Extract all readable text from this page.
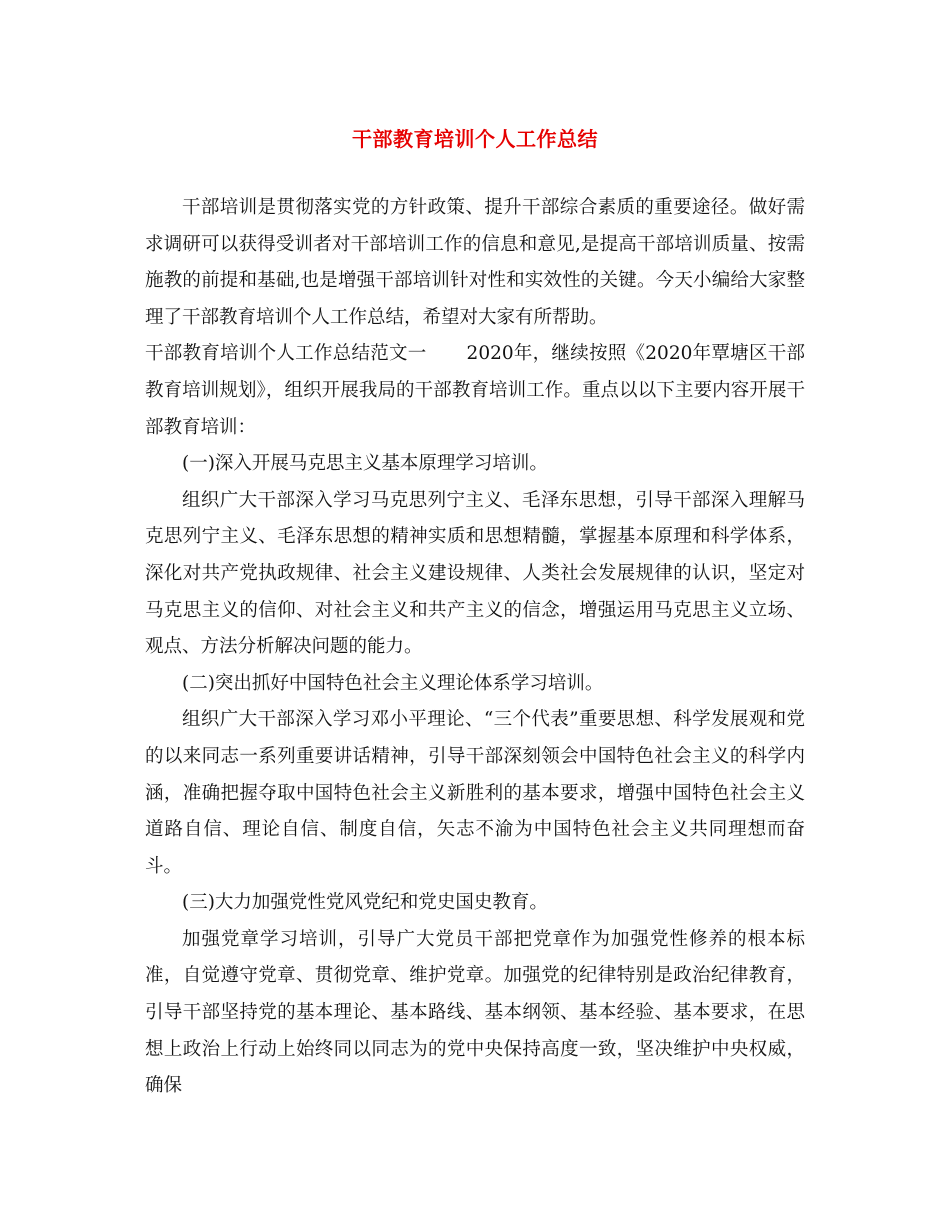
干部教育培训个人工作总结

干部培训是贯彻落实党的方针政策、提升干部综合素质的重要途径。做好需求调研可以获得受训者对干部培训工作的信息和意见,是提高干部培训质量、按需施教的前提和基础,也是增强干部培训针对性和实效性的关键。今天小编给大家整理了干部教育培训个人工作总结，希望对大家有所帮助。

干部教育培训个人工作总结范文一 2020年，继续按照《2020年覃塘区干部教育培训规划》，组织开展我局的干部教育培训工作。重点以以下主要内容开展干部教育培训：

(一)深入开展马克思主义基本原理学习培训。

组织广大干部深入学习马克思列宁主义、毛泽东思想，引导干部深入理解马克思列宁主义、毛泽东思想的精神实质和思想精髓，掌握基本原理和科学体系，深化对共产党执政规律、社会主义建设规律、人类社会发展规律的认识，坚定对马克思主义的信仰、对社会主义和共产主义的信念，增强运用马克思主义立场、观点、方法分析解决问题的能力。

(二)突出抓好中国特色社会主义理论体系学习培训。

组织广大干部深入学习邓小平理论、“三个代表”重要思想、科学发展观和党的以来同志一系列重要讲话精神，引导干部深刻领会中国特色社会主义的科学内涵，准确把握夺取中国特色社会主义新胜利的基本要求，增强中国特色社会主义道路自信、理论自信、制度自信，矢志不渝为中国特色社会主义共同理想而奋斗。

(三)大力加强党性党风党纪和党史国史教育。

加强党章学习培训，引导广大党员干部把党章作为加强党性修养的根本标准，自觉遵守党章、贯彻党章、维护党章。加强党的纪律特别是政治纪律教育，引导干部坚持党的基本理论、基本路线、基本纲领、基本经验、基本要求，在思想上政治上行动上始终同以同志为的党中央保持高度一致，坚决维护中央权威，确保
